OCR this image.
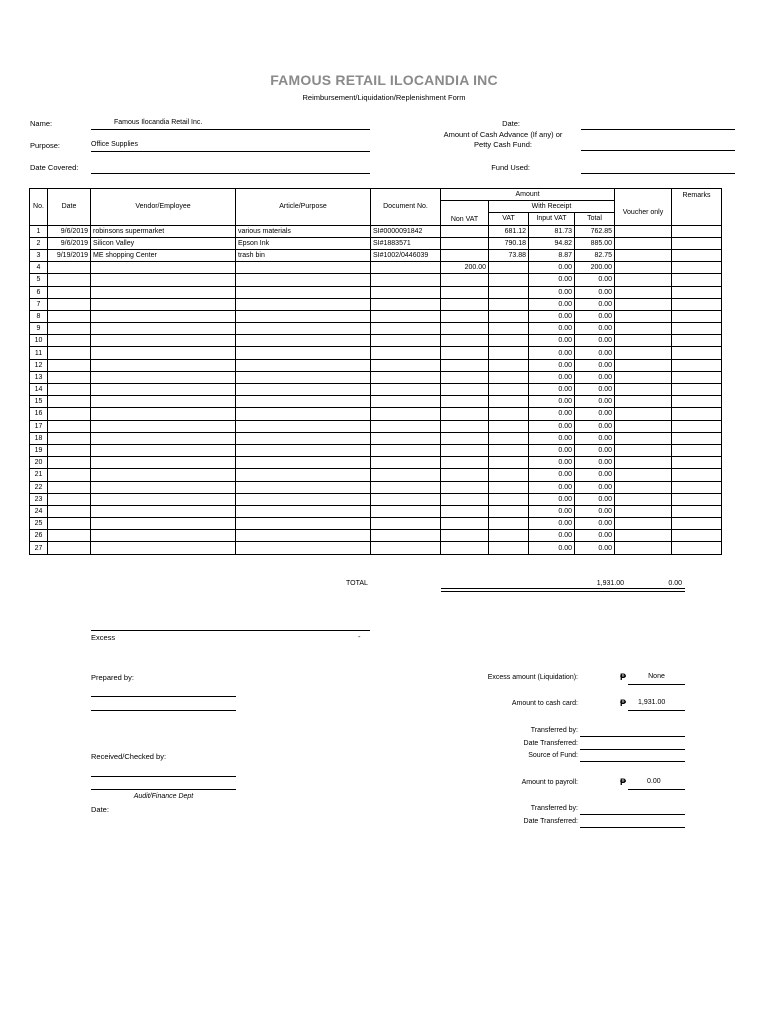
FAMOUS RETAIL ILOCANDIA INC
Reimbursement/Liquidation/Replenishment Form
Name:	Famous Ilocandia Retail Inc.
Purpose:	Office Supplies
Date Covered:
Date:
Amount of Cash Advance (If any) or
Petty Cash Fund:
Fund Used:
No.	Date	Vendor/Employee	Article/Purpose	Document No.	Amount					Remarks
					Non VAT	With Receipt			Voucher only	
						VAT	Input VAT	Total		
1	9/6/2019	robinsons supermarket	various materials	SI#0000091842		681.12	81.73	762.85		
2	9/6/2019	Silicon Valley	Epson Ink	SI#1883571		790.18	94.82	885.00		
3	9/19/2019	ME shopping Center	trash bin	SI#1002/0446039		73.88	8.87	82.75		
4					200.00		0.00	200.00		
5							0.00	0.00		
6							0.00	0.00		
7							0.00	0.00		
8							0.00	0.00		
9							0.00	0.00		
10							0.00	0.00		
11							0.00	0.00		
12							0.00	0.00		
13							0.00	0.00		
14							0.00	0.00		
15							0.00	0.00		
16							0.00	0.00		
17							0.00	0.00		
18							0.00	0.00		
19							0.00	0.00		
20							0.00	0.00		
21							0.00	0.00		
22							0.00	0.00		
23							0.00	0.00		
24							0.00	0.00		
25							0.00	0.00		
26							0.00	0.00		
27							0.00	0.00		
TOTAL	1,931.00	0.00
Excess	-
Prepared by:
Received/Checked by:
Audit/Finance Dept
Date:
Excess amount (Liquidation):	₱	None
Amount to cash card:	₱ 1,931.00
Transferred by:
Date Transferred:
Source of Fund:
Amount to payroll:	₱	0.00
Transferred by:
Date Transferred:
